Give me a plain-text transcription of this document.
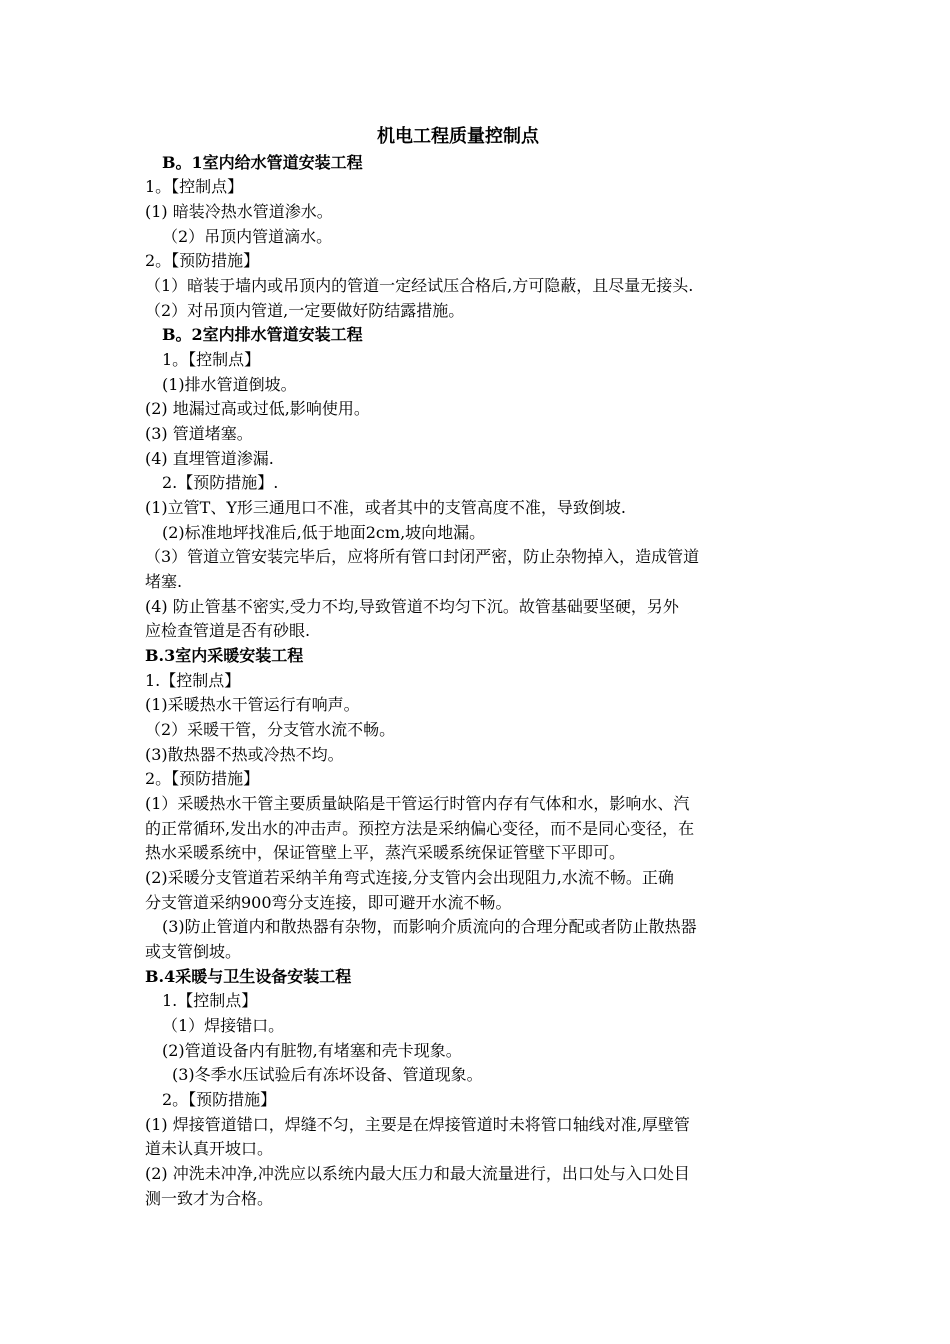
机电工程质量控制点
B。1室内给水管道安装工程
1。【控制点】
(1) 暗装冷热水管道渗水。
（2）吊顶内管道滴水。
2。【预防措施】
（1）暗装于墙内或吊顶内的管道一定经试压合格后,方可隐蔽，且尽量无接头.
（2）对吊顶内管道,一定要做好防结露措施。
B。2室内排水管道安装工程
1。【控制点】
(1)排水管道倒坡。
(2) 地漏过高或过低,影响使用。
(3) 管道堵塞。
(4) 直埋管道渗漏.
2.【预防措施】.
(1)立管T、Y形三通甩口不准，或者其中的支管高度不准，导致倒坡.
(2)标准地坪找准后,低于地面2cm,坡向地漏。
（3）管道立管安装完毕后，应将所有管口封闭严密，防止杂物掉入，造成管道
堵塞.
(4) 防止管基不密实,受力不均,导致管道不均匀下沉。故管基础要坚硬，另外
应检查管道是否有砂眼.
B.3室内采暖安装工程
1.【控制点】
(1)采暖热水干管运行有响声。
（2）采暖干管，分支管水流不畅。
(3)散热器不热或冷热不均。
2。【预防措施】
(1）采暖热水干管主要质量缺陷是干管运行时管内存有气体和水，影响水、汽
的正常循环,发出水的冲击声。预控方法是采纳偏心变径，而不是同心变径，在
热水采暖系统中，保证管壁上平，蒸汽采暖系统保证管壁下平即可。
(2)采暖分支管道若采纳羊角弯式连接,分支管内会出现阻力,水流不畅。正确
分支管道采纳900弯分支连接，即可避开水流不畅。
(3)防止管道内和散热器有杂物，而影响介质流向的合理分配或者防止散热器
或支管倒坡。
B.4采暖与卫生设备安装工程
1.【控制点】
（1）焊接错口。
(2)管道设备内有脏物,有堵塞和壳卡现象。
(3)冬季水压试验后有冻坏设备、管道现象。
2。【预防措施】
(1) 焊接管道错口，焊缝不匀，主要是在焊接管道时未将管口轴线对准,厚壁管
道未认真开坡口。
(2) 冲洗未冲净,冲洗应以系统内最大压力和最大流量进行，出口处与入口处目
测一致才为合格。
